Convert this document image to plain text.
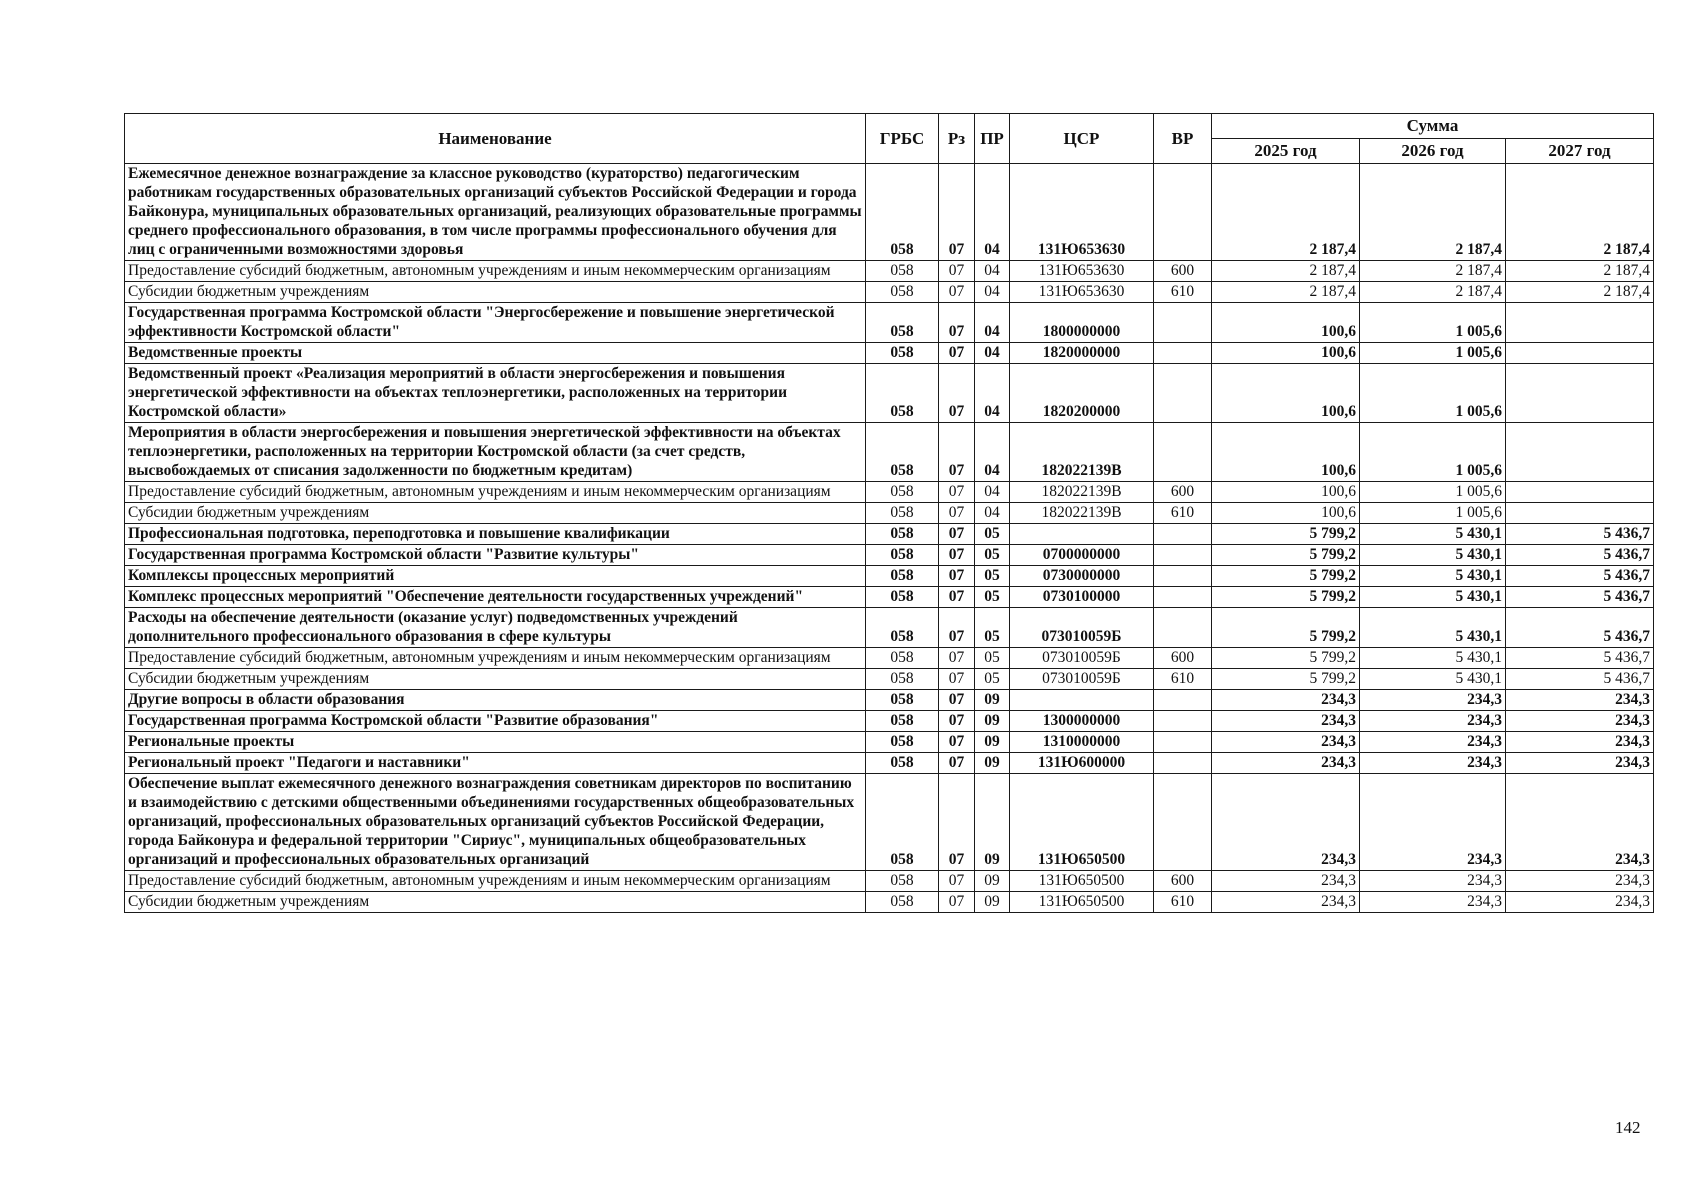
Наименование	ГРБС	Рз	ПР	ЦСР	ВР	Сумма		
						2025 год	2026 год	2027 год
Ежемесячное денежное вознаграждение за классное руководство (кураторство) педагогическим работникам государственных образовательных организаций субъектов Российской Федерации и города Байконура, муниципальных образовательных организаций, реализующих образовательные программы среднего профессионального образования, в том числе программы профессионального обучения для лиц с ограниченными возможностями здоровья	058	07	04	131Ю653630		2 187,4	2 187,4	2 187,4
Предоставление субсидий бюджетным, автономным учреждениям и иным некоммерческим организациям	058	07	04	131Ю653630	600	2 187,4	2 187,4	2 187,4
Субсидии бюджетным учреждениям	058	07	04	131Ю653630	610	2 187,4	2 187,4	2 187,4
Государственная программа Костромской области "Энергосбережение и повышение энергетической эффективности Костромской области"	058	07	04	1800000000		100,6	1 005,6	
Ведомственные проекты	058	07	04	1820000000		100,6	1 005,6	
Ведомственный проект «Реализация мероприятий в области энергосбережения и повышения энергетической эффективности на объектах теплоэнергетики, расположенных на территории Костромской области»	058	07	04	1820200000		100,6	1 005,6	
Мероприятия в области энергосбережения и повышения энергетической эффективности на объектах теплоэнергетики, расположенных на территории Костромской области (за счет средств, высвобождаемых от списания задолженности по бюджетным кредитам)	058	07	04	182022139В		100,6	1 005,6	
Предоставление субсидий бюджетным, автономным учреждениям и иным некоммерческим организациям	058	07	04	182022139В	600	100,6	1 005,6	
Субсидии бюджетным учреждениям	058	07	04	182022139В	610	100,6	1 005,6	
Профессиональная подготовка, переподготовка и повышение квалификации	058	07	05			5 799,2	5 430,1	5 436,7
Государственная программа Костромской области "Развитие культуры"	058	07	05	0700000000		5 799,2	5 430,1	5 436,7
Комплексы процессных мероприятий	058	07	05	0730000000		5 799,2	5 430,1	5 436,7
Комплекс процессных мероприятий "Обеспечение деятельности государственных учреждений"	058	07	05	0730100000		5 799,2	5 430,1	5 436,7
Расходы на обеспечение деятельности (оказание услуг) подведомственных учреждений дополнительного профессионального образования в сфере культуры	058	07	05	073010059Б		5 799,2	5 430,1	5 436,7
Предоставление субсидий бюджетным, автономным учреждениям и иным некоммерческим организациям	058	07	05	073010059Б	600	5 799,2	5 430,1	5 436,7
Субсидии бюджетным учреждениям	058	07	05	073010059Б	610	5 799,2	5 430,1	5 436,7
Другие вопросы в области образования	058	07	09			234,3	234,3	234,3
Государственная программа Костромской области "Развитие образования"	058	07	09	1300000000		234,3	234,3	234,3
Региональные проекты	058	07	09	1310000000		234,3	234,3	234,3
Региональный проект "Педагоги и наставники"	058	07	09	131Ю600000		234,3	234,3	234,3
Обеспечение выплат ежемесячного денежного вознаграждения советникам директоров по воспитанию и взаимодействию с детскими общественными объединениями государственных общеобразовательных организаций, профессиональных образовательных организаций субъектов Российской Федерации, города Байконура и федеральной территории "Сириус", муниципальных общеобразовательных организаций и профессиональных образовательных организаций	058	07	09	131Ю650500		234,3	234,3	234,3
Предоставление субсидий бюджетным, автономным учреждениям и иным некоммерческим организациям	058	07	09	131Ю650500	600	234,3	234,3	234,3
Субсидии бюджетным учреждениям	058	07	09	131Ю650500	610	234,3	234,3	234,3
142
